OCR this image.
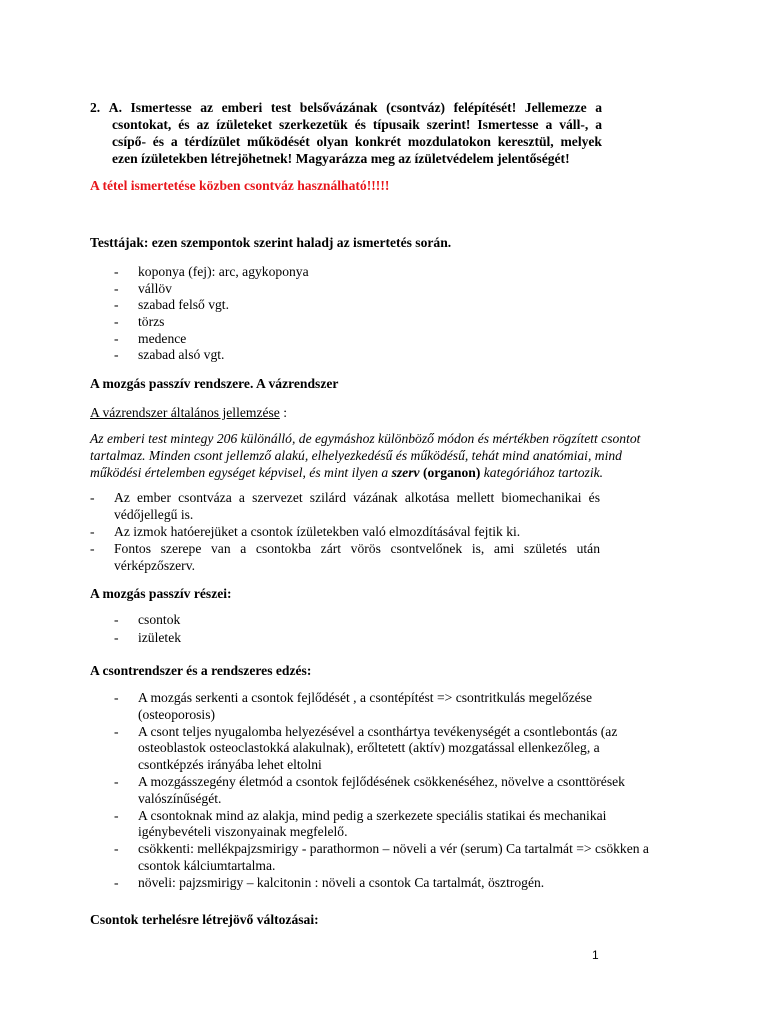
2. A. Ismertesse az emberi test belsővázának (csontváz) felépítését! Jellemezze a
csontokat, és az ízületeket szerkezetük és típusaik szerint! Ismertesse a váll-, a
csípő- és a térdízület működését olyan konkrét mozdulatokon keresztül, melyek
ezen ízületekben létrejöhetnek! Magyarázza meg az ízületvédelem jelentőségét!
A tétel ismertetése közben csontváz használható!!!!!
Testtájak: ezen szempontok szerint haladj az ismertetés során.
- koponya (fej): arc, agykoponya
- vállöv
- szabad felső vgt.
- törzs
- medence
- szabad alsó vgt.
A mozgás passzív rendszere. A vázrendszer
A vázrendszer általános jellemzése :
Az emberi test mintegy 206 különálló, de egymáshoz különböző módon és mértékben rögzített csontot
tartalmaz. Minden csont jellemző alakú, elhelyezkedésű és működésű, tehát mind anatómiai, mind
működési értelemben egységet képvisel, és mint ilyen a szerv (organon) kategóriához tartozik.
-	Az ember csontváza a szervezet szilárd vázának alkotása mellett biomechanikai és
védőjellegű is.
-	Az izmok hatóerejüket a csontok ízületekben való elmozdításával fejtik ki.
-	Fontos szerepe van a csontokba zárt vörös csontvelőnek is, ami születés után
vérképzőszerv.
A mozgás passzív részei:
- csontok
- izületek
A csontrendszer és a rendszeres edzés:
-	A mozgás serkenti a csontok fejlődését , a csontépítést => csontritkulás megelőzése
(osteoporosis)
-	A csont teljes nyugalomba helyezésével a csonthártya tevékenységét a csontlebontás (az
osteoblastok osteoclastokká alakulnak), erőltetett (aktív) mozgatással ellenkezőleg, a
csontképzés irányába lehet eltolni
-	A mozgásszegény életmód a csontok fejlődésének csökkenéséhez, növelve a csonttörések
valószínűségét.
-	A csontoknak mind az alakja, mind pedig a szerkezete speciális statikai és mechanikai
igénybevételi viszonyainak megfelelő.
-	csökkenti: mellékpajzsmirigy - parathormon – növeli a vér (serum) Ca tartalmát => csökken a
csontok kálciumtartalma.
-	növeli: pajzsmirigy – kalcitonin : növeli a csontok Ca tartalmát, ösztrogén.
Csontok terhelésre létrejövő változásai:
1
